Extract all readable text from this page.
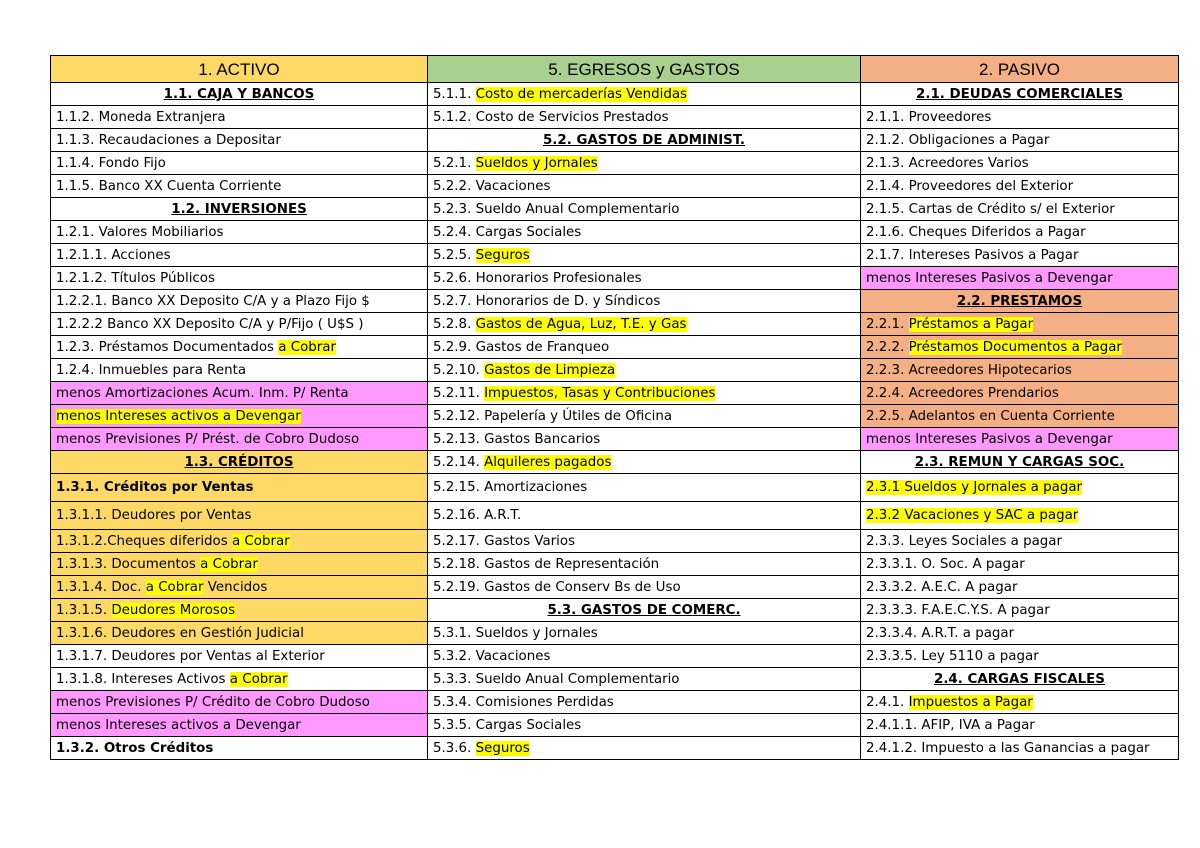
1. ACTIVO	5. EGRESOS y GASTOS	2. PASIVO
1.1. CAJA Y BANCOS	5.1.1. Costo de mercaderías Vendidas	2.1. DEUDAS COMERCIALES
1.1.2. Moneda Extranjera	5.1.2. Costo de Servicios Prestados	2.1.1. Proveedores
1.1.3. Recaudaciones a Depositar	5.2. GASTOS DE ADMINIST.	2.1.2. Obligaciones a Pagar
1.1.4. Fondo Fijo	5.2.1. Sueldos y Jornales	2.1.3. Acreedores Varios
1.1.5. Banco XX Cuenta Corriente	5.2.2. Vacaciones	2.1.4. Proveedores del Exterior
1.2. INVERSIONES	5.2.3. Sueldo Anual Complementario	2.1.5. Cartas de Crédito s/ el Exterior
1.2.1. Valores Mobiliarios	5.2.4. Cargas Sociales	2.1.6. Cheques Diferidos a Pagar
1.2.1.1. Acciones	5.2.5. Seguros	2.1.7. Intereses Pasivos a Pagar
1.2.1.2. Títulos Públicos	5.2.6. Honorarios Profesionales	menos Intereses Pasivos a Devengar
1.2.2.1. Banco XX Deposito C/A y a Plazo Fijo $	5.2.7. Honorarios de D. y Síndicos	2.2. PRESTAMOS
1.2.2.2 Banco XX Deposito C/A y P/Fijo ( U$S )	5.2.8. Gastos de Agua, Luz, T.E. y Gas	2.2.1. Préstamos a Pagar
1.2.3. Préstamos Documentados a Cobrar	5.2.9. Gastos de Franqueo	2.2.2. Préstamos Documentos a Pagar
1.2.4. Inmuebles para Renta	5.2.10. Gastos de Limpieza	2.2.3. Acreedores Hipotecarios
menos Amortizaciones Acum. Inm. P/ Renta	5.2.11. Impuestos, Tasas y Contribuciones	2.2.4. Acreedores Prendarios
menos Intereses activos a Devengar	5.2.12. Papelería y Útiles de Oficina	2.2.5. Adelantos en Cuenta Corriente
menos Previsiones P/ Prést. de Cobro Dudoso	5.2.13. Gastos Bancarios	menos Intereses Pasivos a Devengar
1.3. CRÉDITOS	5.2.14. Alquileres pagados	2.3. REMUN Y CARGAS SOC.
1.3.1. Créditos por Ventas	5.2.15. Amortizaciones	2.3.1 Sueldos y Jornales a pagar
1.3.1.1. Deudores por Ventas	5.2.16. A.R.T.	2.3.2 Vacaciones y SAC a pagar
1.3.1.2.Cheques diferidos a Cobrar	5.2.17. Gastos Varios	2.3.3. Leyes Sociales a pagar
1.3.1.3. Documentos a Cobrar	5.2.18. Gastos de Representación	2.3.3.1. O. Soc. A pagar
1.3.1.4. Doc. a Cobrar Vencidos	5.2.19. Gastos de Conserv Bs de Uso	2.3.3.2. A.E.C. A pagar
1.3.1.5. Deudores Morosos	5.3. GASTOS DE COMERC.	2.3.3.3. F.A.E.C.Y.S. A pagar
1.3.1.6. Deudores en Gestión Judicial	5.3.1. Sueldos y Jornales	2.3.3.4. A.R.T. a pagar
1.3.1.7. Deudores por Ventas al Exterior	5.3.2. Vacaciones	2.3.3.5. Ley 5110 a pagar
1.3.1.8. Intereses Activos a Cobrar	5.3.3. Sueldo Anual Complementario	2.4. CARGAS FISCALES
menos Previsiones P/ Crédito de Cobro Dudoso	5.3.4. Comisiones Perdidas	2.4.1. Impuestos a Pagar
menos Intereses activos a Devengar	5.3.5. Cargas Sociales	2.4.1.1. AFIP, IVA a Pagar
1.3.2. Otros Créditos	5.3.6. Seguros	2.4.1.2. Impuesto a las Ganancias a pagar
